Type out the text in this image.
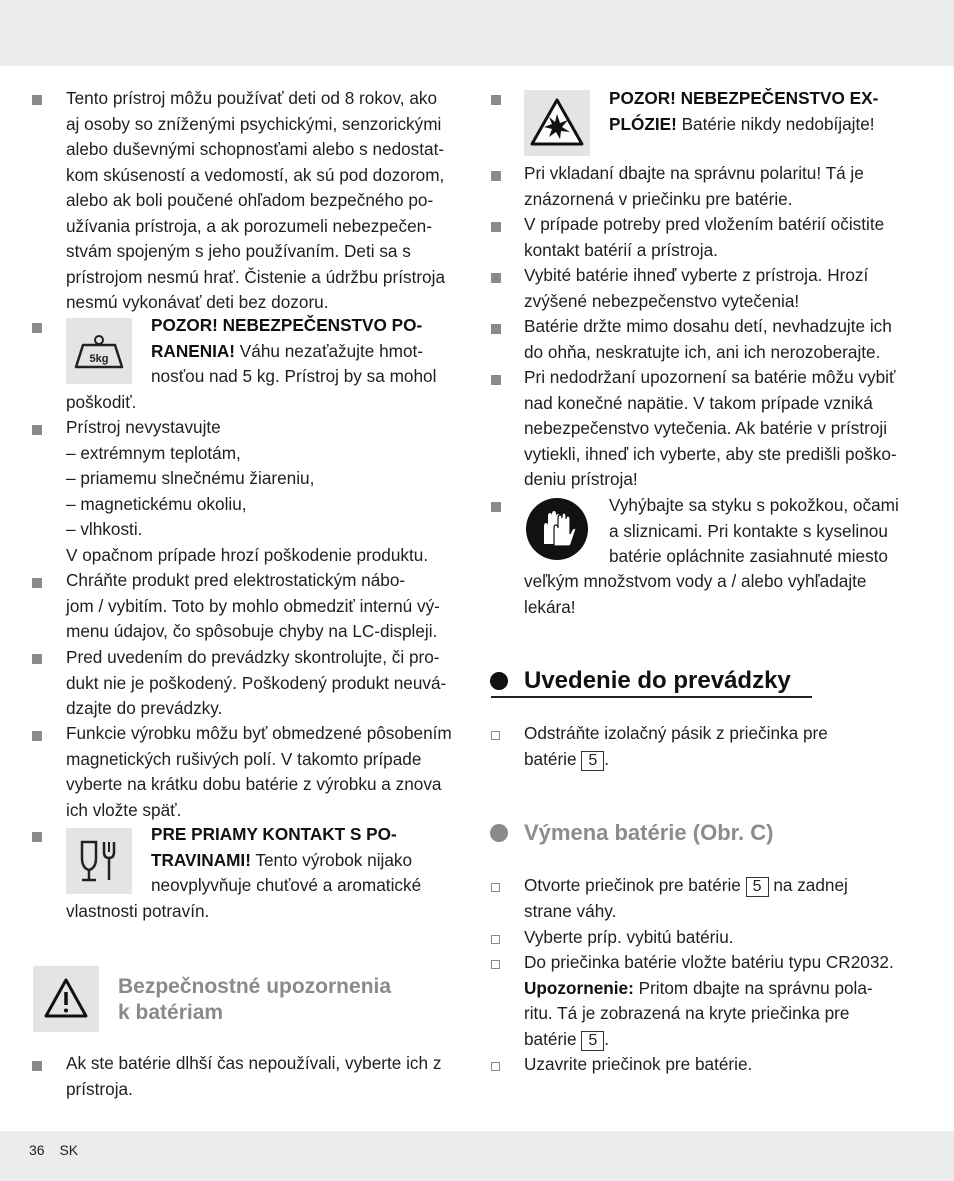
Tento prístroj môžu používať deti od 8 rokov, ako
aj osoby so zníženými psychickými, senzorickými
alebo duševnými schopnosťami alebo s nedostat-
kom skúseností a vedomostí, ak sú pod dozorom,
alebo ak boli poučené ohľadom bezpečného po-
užívania prístroja, a ak porozumeli nebezpečen-
stvám spojeným s jeho používaním. Deti sa s
prístrojom nesmú hrať. Čistenie a údržbu prístroja
nesmú vykonávať deti bez dozoru.
5kg
POZOR! NEBEZPEČENSTVO PO-
RANENIA! Váhu nezaťažujte hmot-
nosťou nad 5 kg. Prístroj by sa mohol
poškodiť.
Prístroj nevystavujte
– extrémnym teplotám,
– priamemu slnečnému žiareniu,
– magnetickému okoliu,
– vlhkosti.
V opačnom prípade hrozí poškodenie produktu.
Chráňte produkt pred elektrostatickým nábo-
jom / vybitím. Toto by mohlo obmedziť internú vý-
menu údajov, čo spôsobuje chyby na LC-displeji.
Pred uvedením do prevádzky skontrolujte, či pro-
dukt nie je poškodený. Poškodený produkt neuvá-
dzajte do prevádzky.
Funkcie výrobku môžu byť obmedzené pôsobením
magnetických rušivých polí. V takomto prípade
vyberte na krátku dobu batérie z výrobku a znova
ich vložte späť.
PRE PRIAMY KONTAKT S PO-
TRAVINAMI! Tento výrobok nijako
neovplyvňuje chuťové a aromatické
vlastnosti potravín.
Bezpečnostné upozornenia
k batériam
Ak ste batérie dlhší čas nepoužívali, vyberte ich z
prístroja.
POZOR! NEBEZPEČENSTVO EX-
PLÓZIE! Batérie nikdy nedobíjajte!
Pri vkladaní dbajte na správnu polaritu! Tá je
znázornená v priečinku pre batérie.
V prípade potreby pred vložením batérií očistite
kontakt batérií a prístroja.
Vybité batérie ihneď vyberte z prístroja. Hrozí
zvýšené nebezpečenstvo vytečenia!
Batérie držte mimo dosahu detí, nevhadzujte ich
do ohňa, neskratujte ich, ani ich nerozoberajte.
Pri nedodržaní upozornení sa batérie môžu vybiť
nad konečné napätie. V takom prípade vzniká
nebezpečenstvo vytečenia. Ak batérie v prístroji
vytiekli, ihneď ich vyberte, aby ste predišli poško-
deniu prístroja!
Vyhýbajte sa styku s pokožkou, očami
a sliznicami. Pri kontakte s kyselinou
batérie opláchnite zasiahnuté miesto
veľkým množstvom vody a / alebo vyhľadajte
lekára!
Uvedenie do prevádzky
Odstráňte izolačný pásik z priečinka pre
batérie 5 .
Výmena batérie (Obr. C)
Otvorte priečinok pre batérie 5 na zadnej
strane váhy.
Vyberte príp. vybitú batériu.
Do priečinka batérie vložte batériu typu CR2032.
Upozornenie: Pritom dbajte na správnu pola-
ritu. Tá je zobrazená na kryte priečinka pre
batérie 5 .
Uzavrite priečinok pre batérie.
36 SK
